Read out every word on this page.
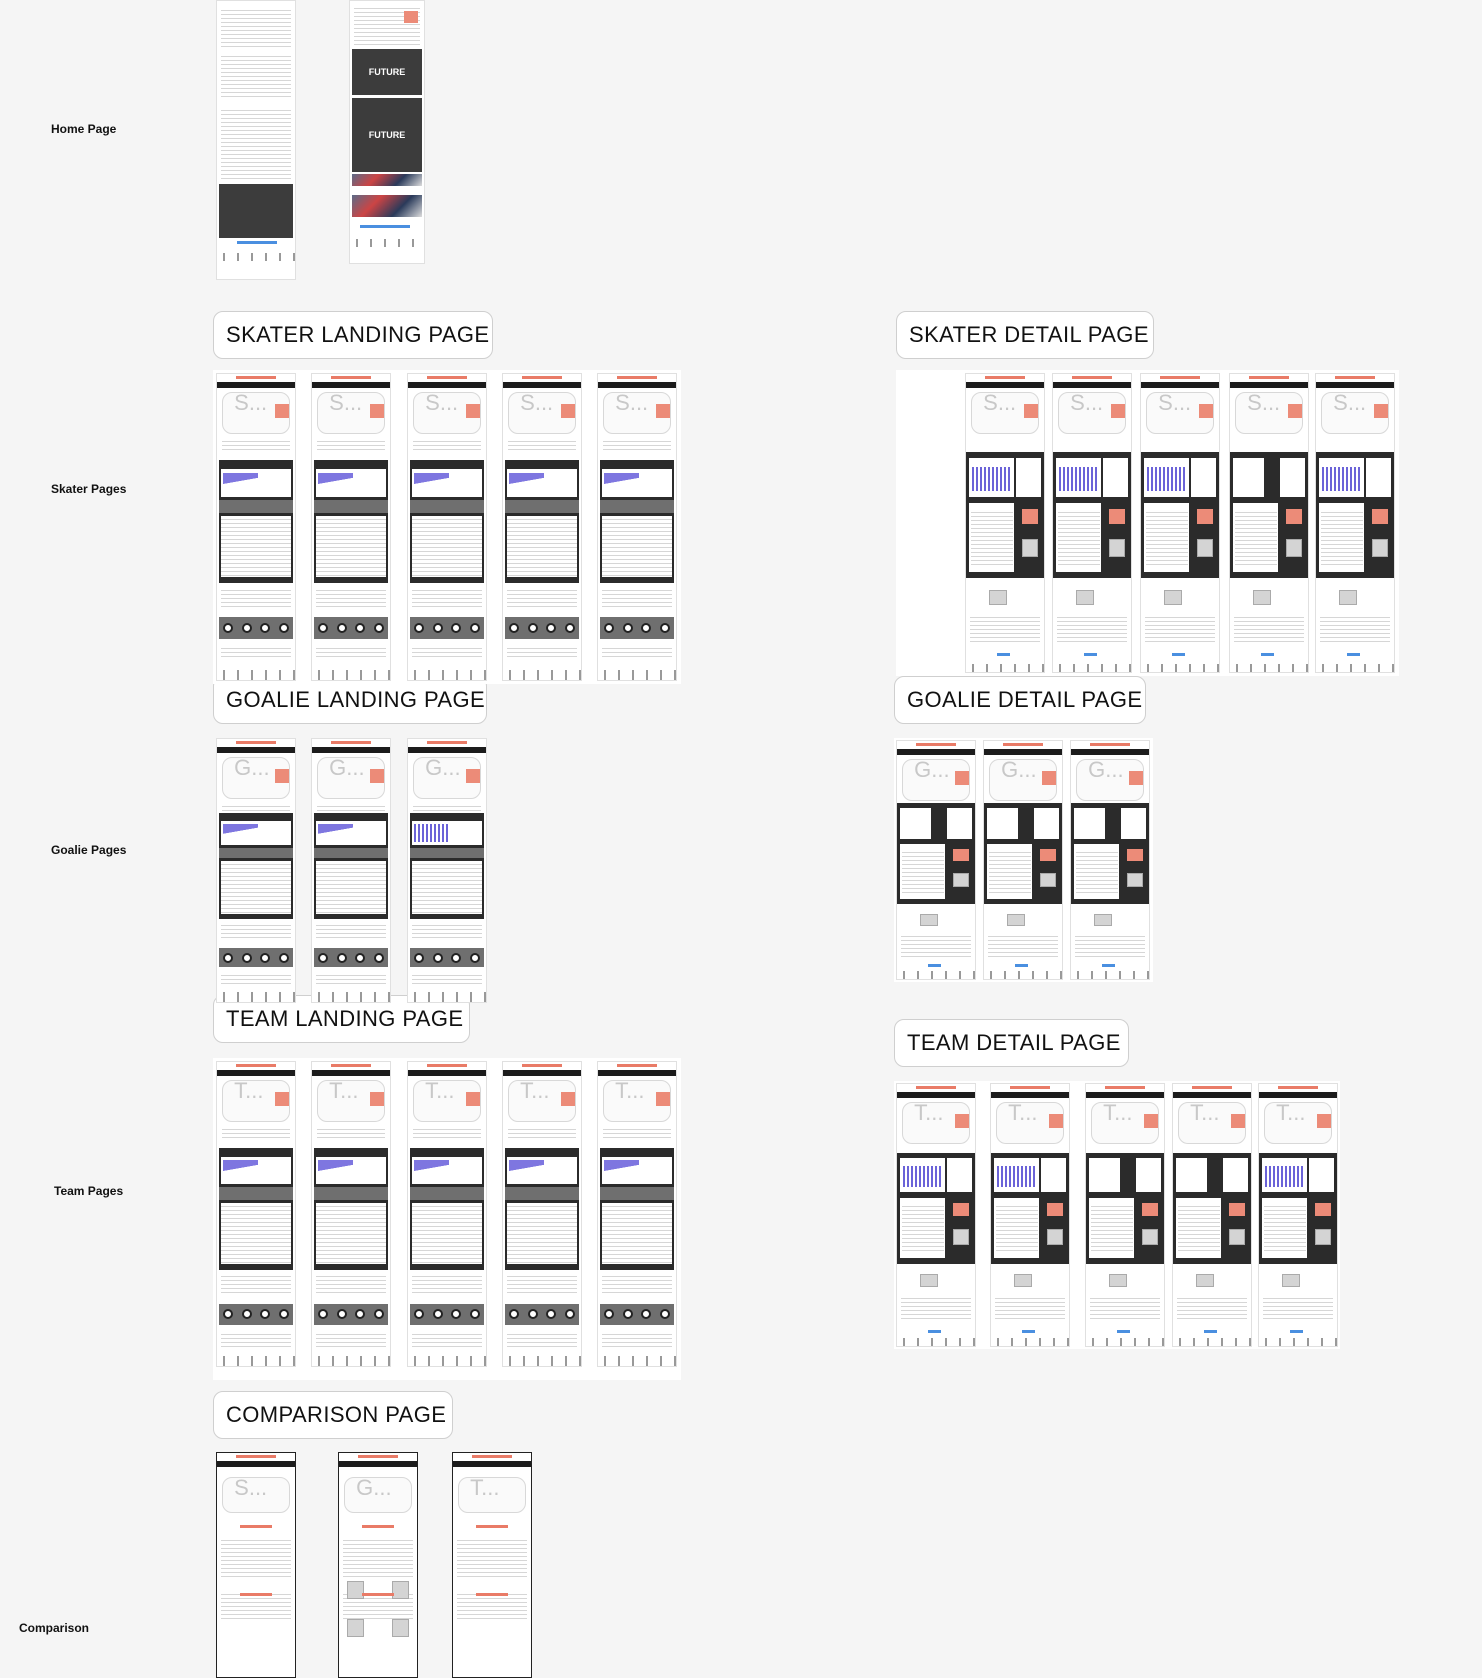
Home Page
Skater Pages
Goalie Pages
Team Pages
Comparison
SKATER LANDING PAGE	SKATER DETAIL PAGE
GOALIE LANDING PAGE	GOALIE DETAIL PAGE
TEAM LANDING PAGE
TEAM DETAIL PAGE
COMPARISON PAGE
FUTURE
FUTURE
S...	S...	S...	S...	S...	S... S... S...	S... S...
G...	G...	G...	G... G... G...
T...	T...	T...	T...	T...
T...	T...	T...	T...	T...
S...	G...	T...
